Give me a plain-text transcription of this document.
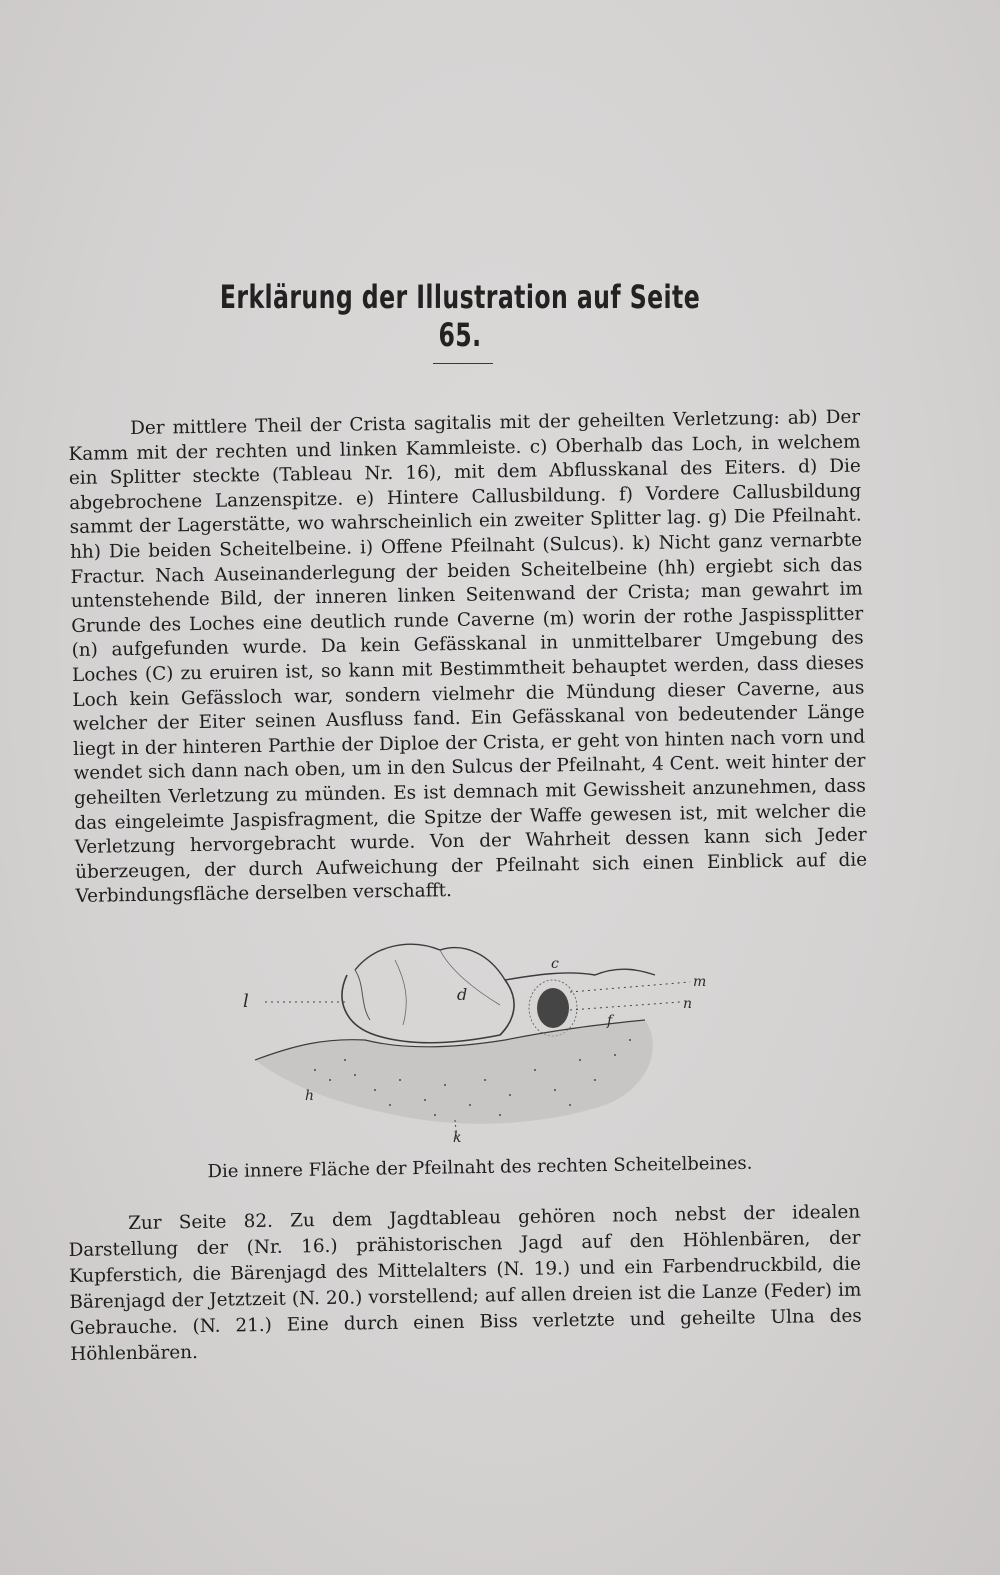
Erklärung der Illustration auf Seite 65.

Der mittlere Theil der Crista sagitalis mit der geheilten Verletzung: ab) Der Kamm mit der rechten und linken Kammleiste. c) Oberhalb das Loch, in welchem ein Splitter steckte (Tableau Nr. 16), mit dem Abflusskanal des Eiters. d) Die abgebrochene Lanzenspitze. e) Hintere Callusbildung. f) Vordere Callusbildung sammt der Lagerstätte, wo wahrscheinlich ein zweiter Splitter lag. g) Die Pfeilnaht. hh) Die beiden Scheitelbeine. i) Offene Pfeilnaht (Sulcus). k) Nicht ganz vernarbte Fractur. Nach Auseinanderlegung der beiden Scheitelbeine (hh) ergiebt sich das untenstehende Bild, der inneren linken Seitenwand der Crista; man gewahrt im Grunde des Loches eine deutlich runde Caverne (m) worin der rothe Jaspissplitter (n) aufgefunden wurde. Da kein Gefässkanal in unmittelbarer Umgebung des Loches (C) zu eruiren ist, so kann mit Bestimmtheit behauptet werden, dass dieses Loch kein Gefässloch war, sondern vielmehr die Mündung dieser Caverne, aus welcher der Eiter seinen Ausfluss fand. Ein Gefässkanal von bedeutender Länge liegt in der hinteren Parthie der Diploe der Crista, er geht von hinten nach vorn und wendet sich dann nach oben, um in den Sulcus der Pfeilnaht, 4 Cent. weit hinter der geheilten Verletzung zu münden. Es ist demnach mit Gewissheit anzunehmen, dass das eingeleimte Jaspisfragment, die Spitze der Waffe gewesen ist, mit welcher die Verletzung hervorgebracht wurde. Von der Wahrheit dessen kann sich Jeder überzeugen, der durch Aufweichung der Pfeilnaht sich einen Einblick auf die Verbindungsfläche derselben verschafft.

l	d
c
m
n
f
h
k
Die innere Fläche der Pfeilnaht des rechten Scheitelbeines.

Zur Seite 82. Zu dem Jagdtableau gehören noch nebst der idealen Darstellung der (Nr. 16.) prähistorischen Jagd auf den Höhlenbären, der Kupferstich, die Bärenjagd des Mittelalters (N. 19.) und ein Farbendruckbild, die Bärenjagd der Jetztzeit (N. 20.) vorstellend; auf allen dreien ist die Lanze (Feder) im Gebrauche. (N. 21.) Eine durch einen Biss verletzte und geheilte Ulna des Höhlenbären.
